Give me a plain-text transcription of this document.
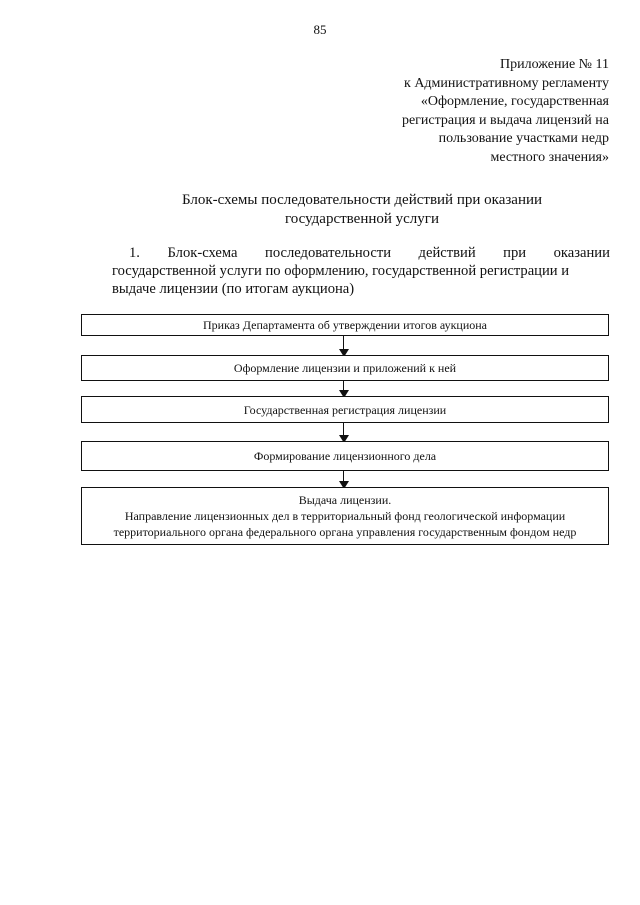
85
Приложение № 11
к Административному регламенту
«Оформление, государственная
регистрация и выдача лицензий на
пользование участками недр
местного значения»
Блок-схемы последовательности действий при оказании
государственной услуги
1. Блок-схема последовательности действий при оказании
государственной услуги по оформлению, государственной регистрации и
выдаче лицензии (по итогам аукциона)
Приказ Департамента об утверждении итогов аукциона
Оформление лицензии и приложений к ней
Государственная регистрация лицензии
Формирование лицензионного дела
Выдача лицензии.
Направление лицензионных дел в территориальный фонд геологической информации
территориального органа федерального органа управления государственным фондом недр
